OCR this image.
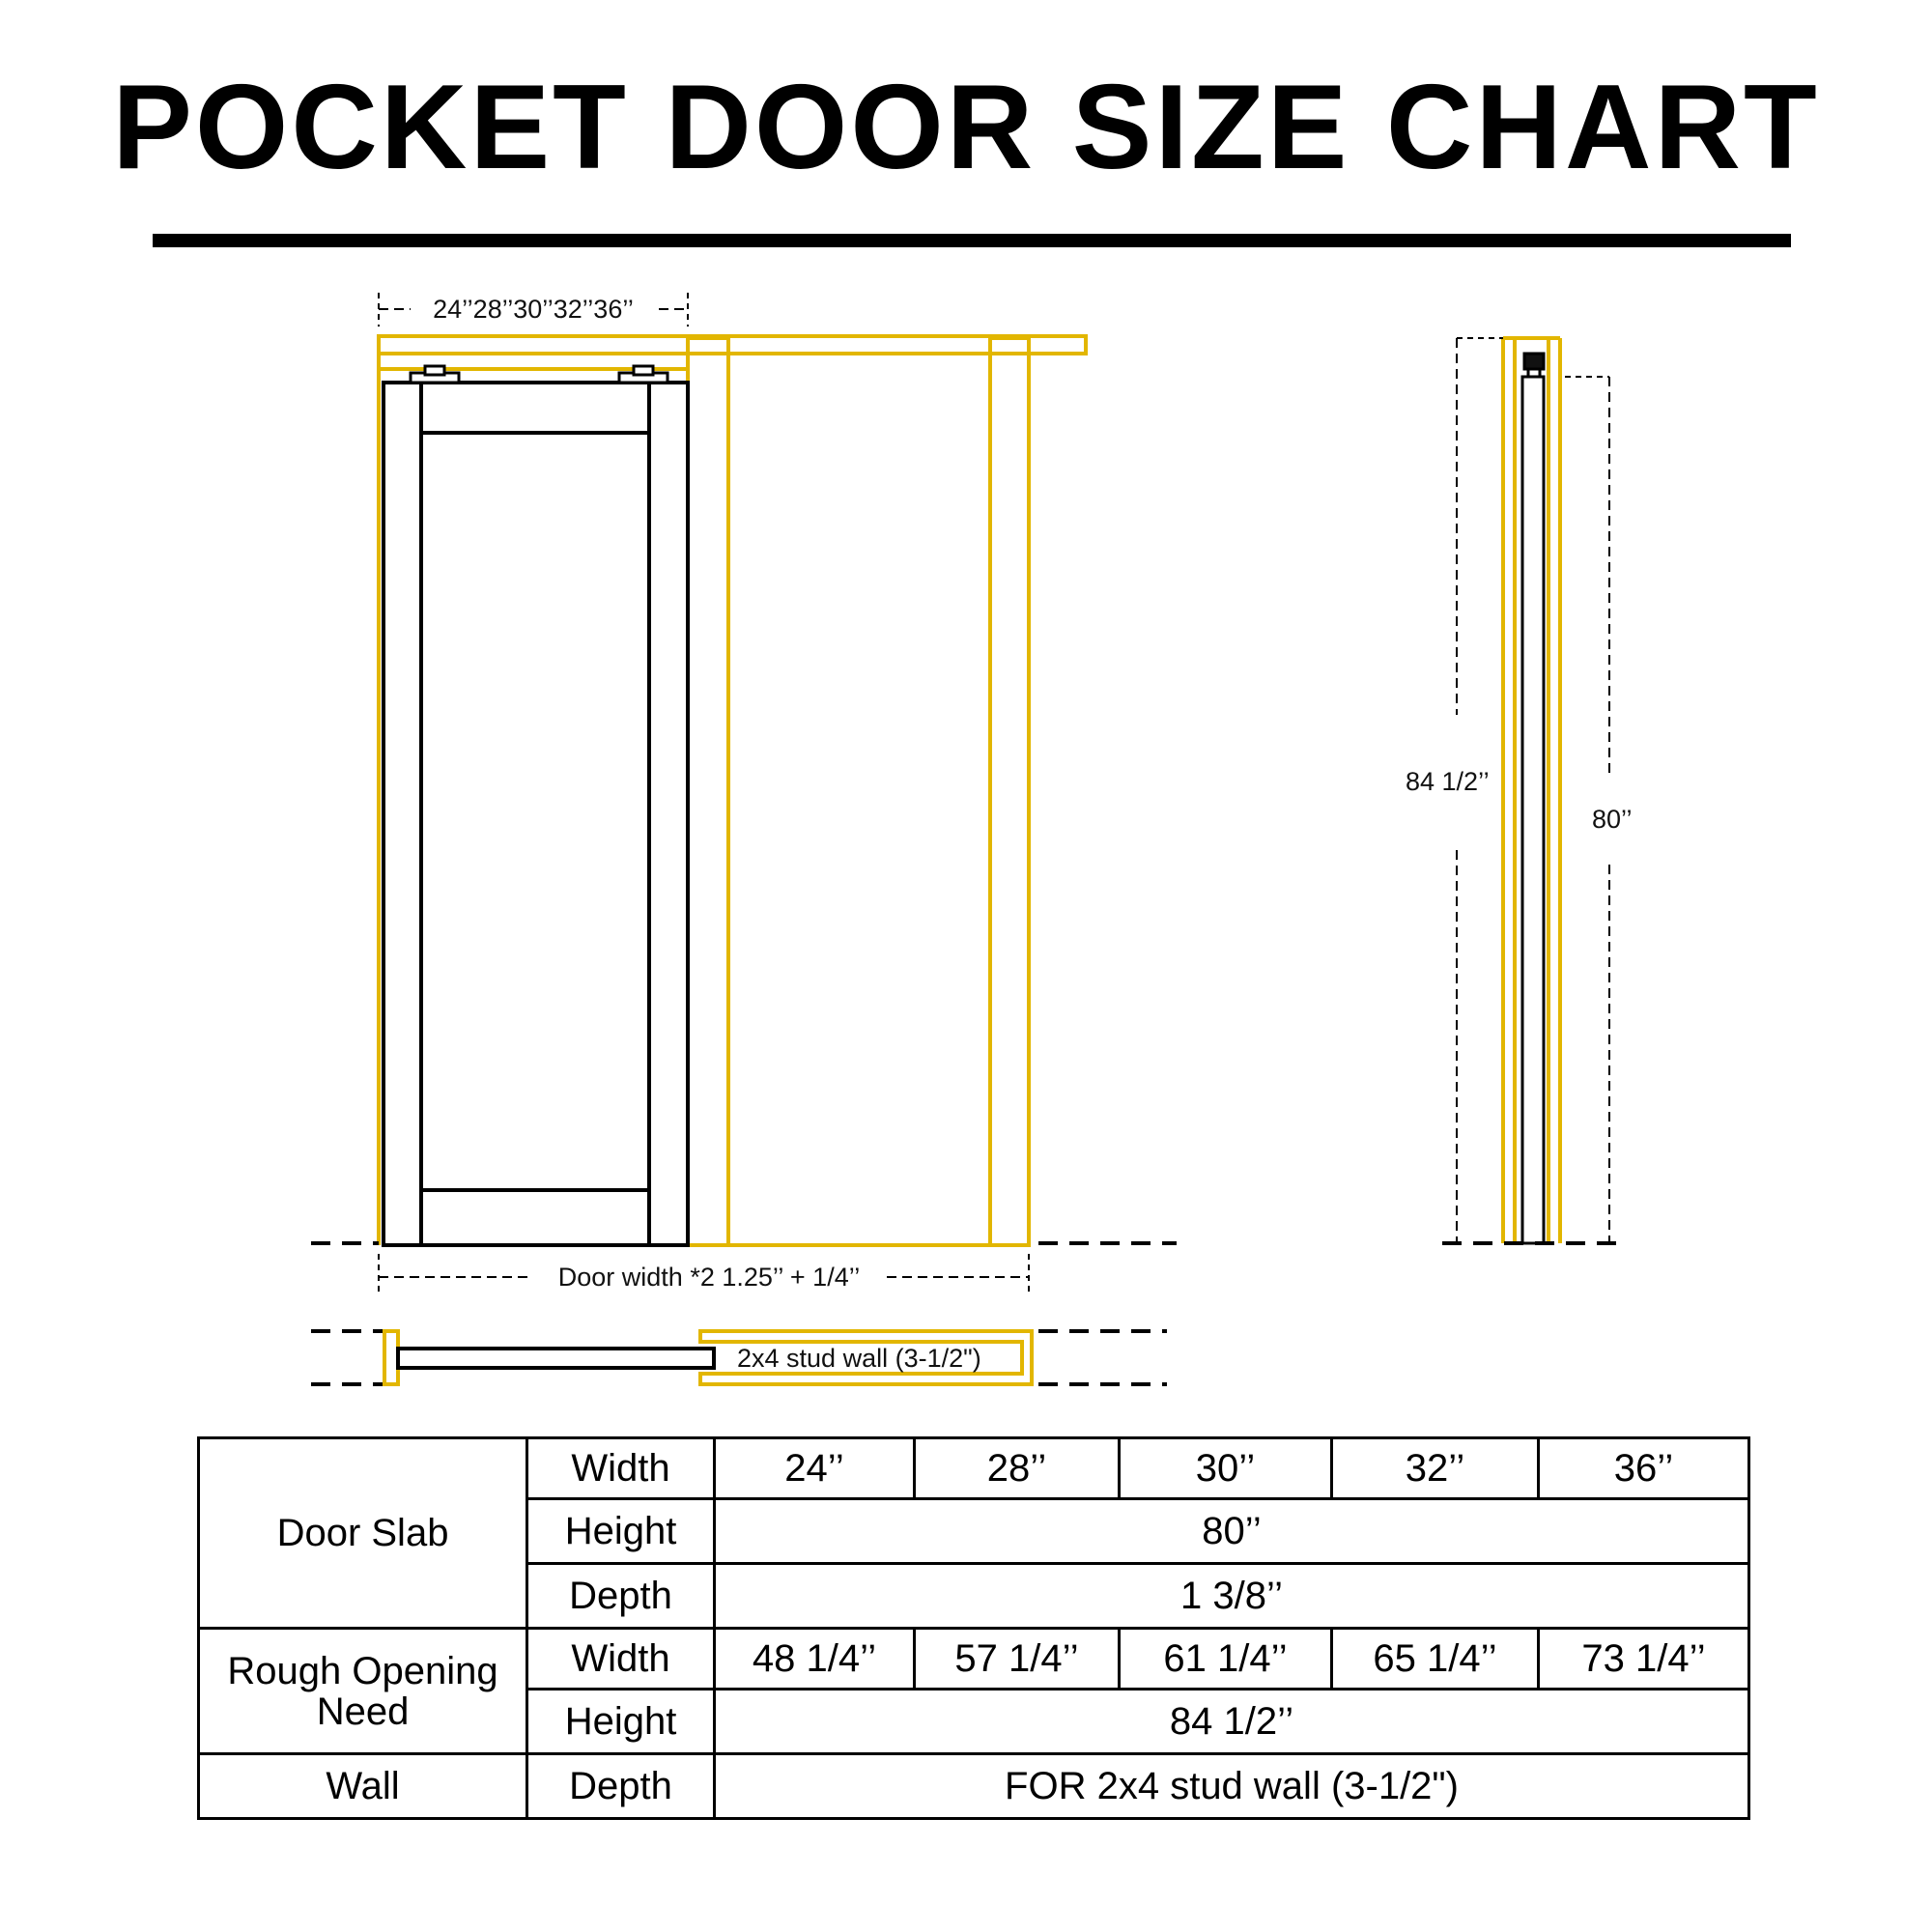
POCKET DOOR SIZE CHART
24’’28’’30’’32’’36’’
Door width *2 1.25’’ + 1/4’’
2x4 stud wall (3-1/2")
84 1/2’’
80’’
Door Slab	Width	24’’	28’’	30’’	32’’	36’’
	Height	80’’				
	Depth	1 3/8’’				
Rough Opening Need	Width	48 1/4’’	57 1/4’’	61 1/4’’	65 1/4’’	73 1/4’’
	Height	84 1/2’’				
Wall	Depth	FOR 2x4 stud wall (3-1/2")				
